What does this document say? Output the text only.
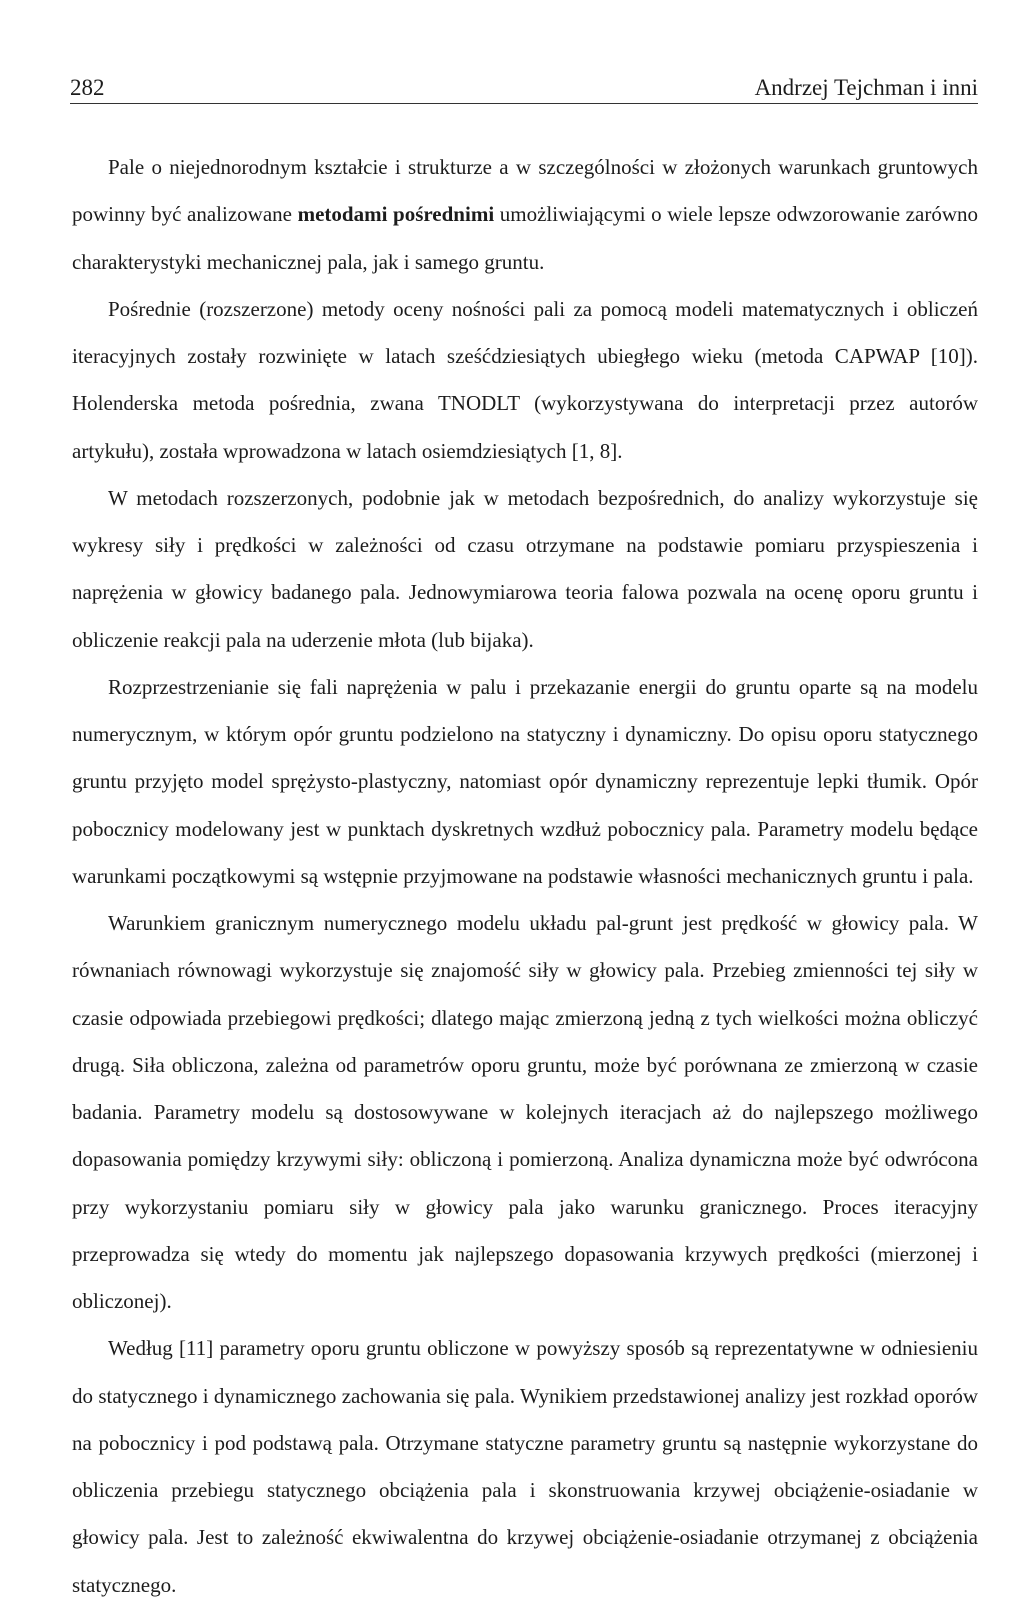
282	Andrzej Tejchman i inni

Pale o niejednorodnym kształcie i strukturze a w szczególności w złożonych warunkach gruntowych powinny być analizowane metodami pośrednimi umożliwiającymi o wiele lepsze odwzorowanie zarówno charakterystyki mechanicznej pala, jak i samego gruntu.

Pośrednie (rozszerzone) metody oceny nośności pali za pomocą modeli matematycznych i obliczeń iteracyjnych zostały rozwinięte w latach sześćdziesiątych ubiegłego wieku (metoda CAPWAP [10]). Holenderska metoda pośrednia, zwana TNODLT (wykorzystywana do interpretacji przez autorów artykułu), została wprowadzona w latach osiemdziesiątych [1, 8].

W metodach rozszerzonych, podobnie jak w metodach bezpośrednich, do analizy wykorzystuje się wykresy siły i prędkości w zależności od czasu otrzymane na podstawie pomiaru przyspieszenia i naprężenia w głowicy badanego pala. Jednowymiarowa teoria falowa pozwala na ocenę oporu gruntu i obliczenie reakcji pala na uderzenie młota (lub bijaka).

Rozprzestrzenianie się fali naprężenia w palu i przekazanie energii do gruntu oparte są na modelu numerycznym, w którym opór gruntu podzielono na statyczny i dynamiczny. Do opisu oporu statycznego gruntu przyjęto model sprężysto-plastyczny, natomiast opór dynamiczny reprezentuje lepki tłumik. Opór pobocznicy modelowany jest w punktach dyskretnych wzdłuż pobocznicy pala. Parametry modelu będące warunkami początkowymi są wstępnie przyjmowane na podstawie własności mechanicznych gruntu i pala.

Warunkiem granicznym numerycznego modelu układu pal-grunt jest prędkość w głowicy pala. W równaniach równowagi wykorzystuje się znajomość siły w głowicy pala. Przebieg zmienności tej siły w czasie odpowiada przebiegowi prędkości; dlatego mając zmierzoną jedną z tych wielkości można obliczyć drugą. Siła obliczona, zależna od parametrów oporu gruntu, może być porównana ze zmierzoną w czasie badania. Parametry modelu są dostosowywane w kolejnych iteracjach aż do najlepszego możliwego dopasowania pomiędzy krzywymi siły: obliczoną i pomierzoną. Analiza dynamiczna może być odwrócona przy wykorzystaniu pomiaru siły w głowicy pala jako warunku granicznego. Proces iteracyjny przeprowadza się wtedy do momentu jak najlepszego dopasowania krzywych prędkości (mierzonej i obliczonej).

Według [11] parametry oporu gruntu obliczone w powyższy sposób są reprezentatywne w odniesieniu do statycznego i dynamicznego zachowania się pala. Wynikiem przedstawionej analizy jest rozkład oporów na pobocznicy i pod podstawą pala. Otrzymane statyczne parametry gruntu są następnie wykorzystane do obliczenia przebiegu statycznego obciążenia pala i skonstruowania krzywej obciążenie-osiadanie w głowicy pala. Jest to zależność ekwiwalentna do krzywej obciążenie-osiadanie otrzymanej z obciążenia statycznego.
